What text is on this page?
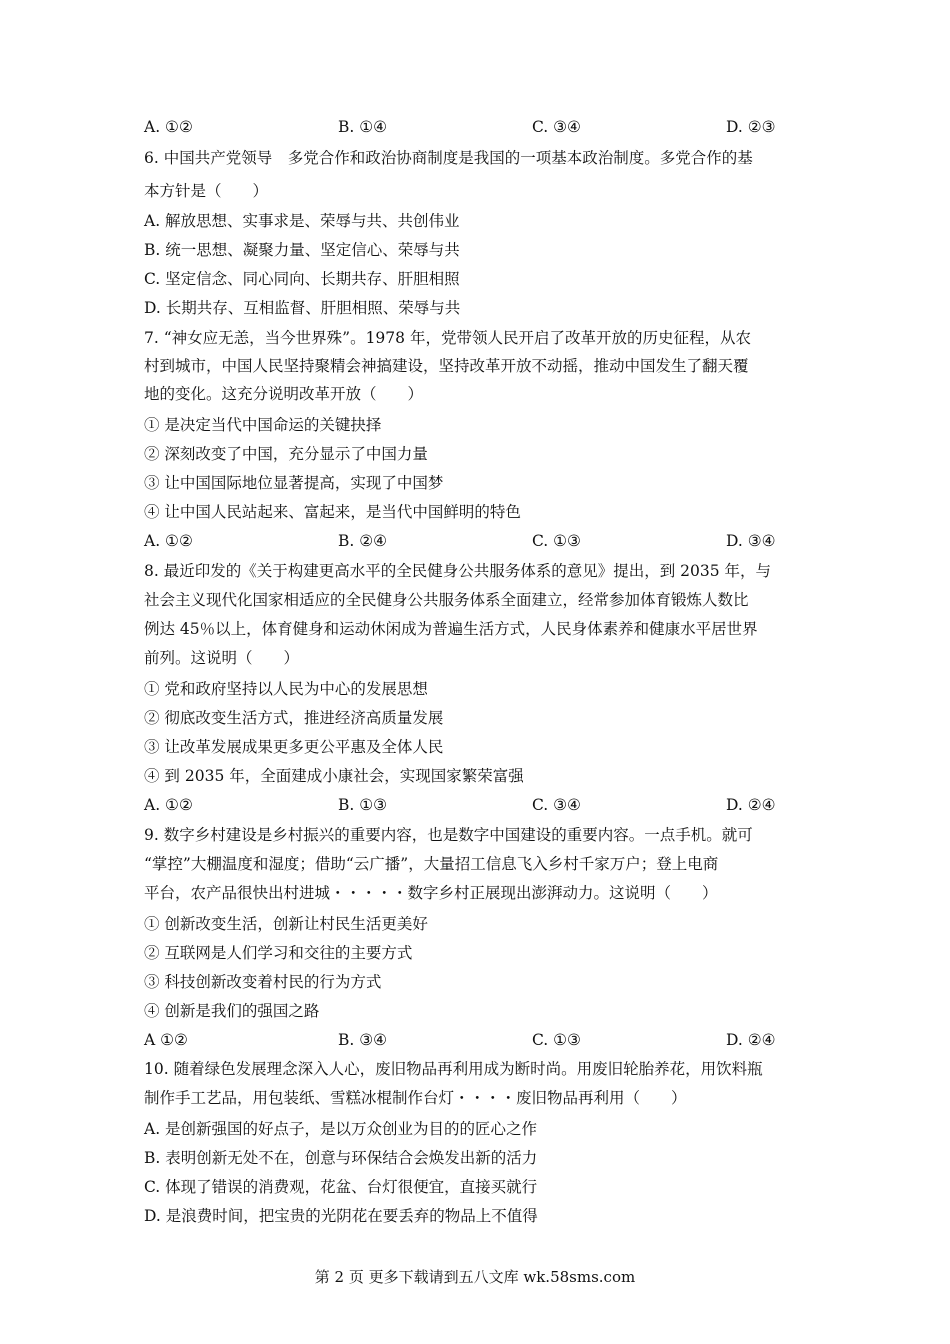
A. ①②	B. ①④	C. ③④	D. ②③
6. 中国共产党领导　多党合作和政治协商制度是我国的一项基本政治制度。多党合作的基
本方针是（　　）
A. 解放思想、实事求是、荣辱与共、共创伟业
B. 统一思想、凝聚力量、坚定信心、荣辱与共
C. 坚定信念、同心同向、长期共存、肝胆相照
D. 长期共存、互相监督、肝胆相照、荣辱与共
7. “神女应无恙，当今世界殊”。1978 年，党带领人民开启了改革开放的历史征程，从农
村到城市，中国人民坚持聚精会神搞建设，坚持改革开放不动摇，推动中国发生了翻天覆
地的变化。这充分说明改革开放（　　）
① 是决定当代中国命运的关键抉择
② 深刻改变了中国，充分显示了中国力量
③ 让中国国际地位显著提高，实现了中国梦
④ 让中国人民站起来、富起来，是当代中国鲜明的特色
A. ①②	B. ②④	C. ①③	D. ③④
8. 最近印发的《关于构建更高水平的全民健身公共服务体系的意见》提出，到 2035 年，与
社会主义现代化国家相适应的全民健身公共服务体系全面建立，经常参加体育锻炼人数比
例达 45％以上，体育健身和运动休闲成为普遍生活方式，人民身体素养和健康水平居世界
前列。这说明（　　）
① 党和政府坚持以人民为中心的发展思想
② 彻底改变生活方式，推进经济高质量发展
③ 让改革发展成果更多更公平惠及全体人民
④ 到 2035 年，全面建成小康社会，实现国家繁荣富强
A. ①②	B. ①③	C. ③④	D. ②④
9. 数字乡村建设是乡村振兴的重要内容，也是数字中国建设的重要内容。一点手机。就可
“掌控”大棚温度和湿度；借助“云广播”，大量招工信息飞入乡村千家万户；登上电商
平台，农产品很快出村进城・・・・・数字乡村正展现出澎湃动力。这说明（　　）
① 创新改变生活，创新让村民生活更美好
② 互联网是人们学习和交往的主要方式
③ 科技创新改变着村民的行为方式
④ 创新是我们的强国之路
A ①②	B. ③④	C. ①③	D. ②④
10. 随着绿色发展理念深入人心，废旧物品再利用成为断时尚。用废旧轮胎养花，用饮料瓶
制作手工艺品，用包装纸、雪糕冰棍制作台灯・・・・废旧物品再利用（　　）
A. 是创新强国的好点子，是以万众创业为目的的匠心之作
B. 表明创新无处不在，创意与环保结合会焕发出新的活力
C. 体现了错误的消费观，花盆、台灯很便宜，直接买就行
D. 是浪费时间，把宝贵的光阴花在要丢弃的物品上不值得
第 2 页 更多下载请到五八文库 wk.58sms.com
